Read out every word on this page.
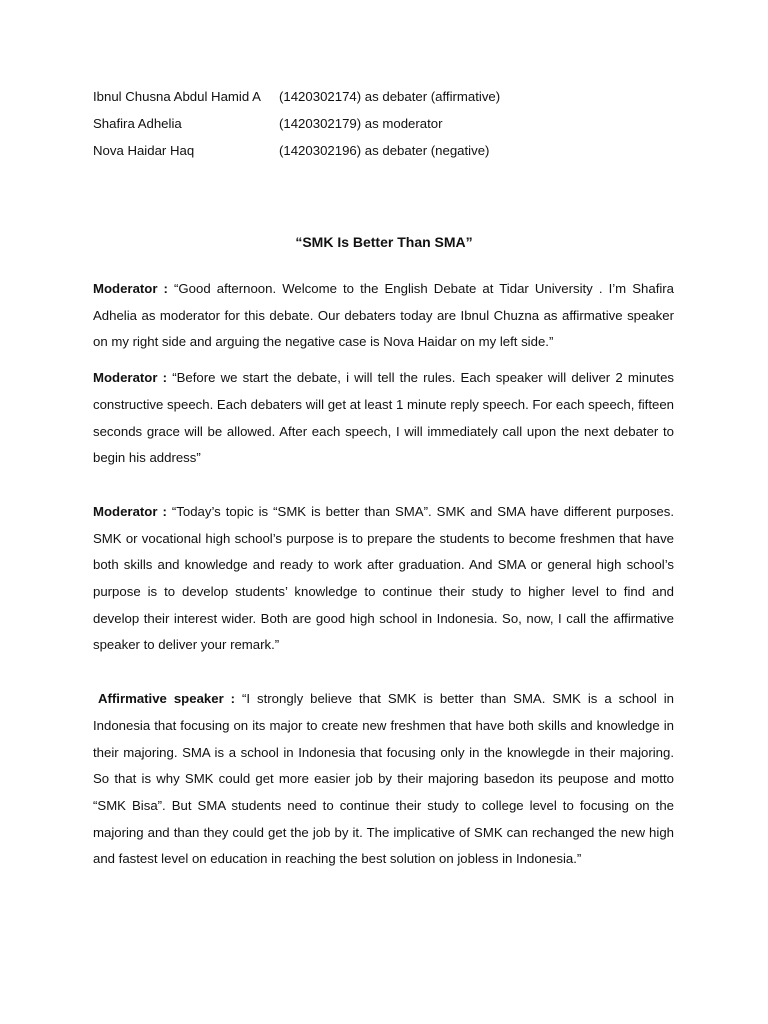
Ibnul Chusna Abdul Hamid A	(1420302174) as debater (affirmative)
Shafira Adhelia	(1420302179) as moderator
Nova Haidar Haq	(1420302196) as debater (negative)
“SMK Is Better Than SMA”

Moderator : “Good afternoon. Welcome to the English Debate at Tidar University . I’m Shafira Adhelia as moderator for this debate. Our debaters today are Ibnul Chuzna as affirmative speaker on my right side and arguing the negative case is Nova Haidar on my left side.”

Moderator : “Before we start the debate, i will tell the rules. Each speaker will deliver 2 minutes constructive speech. Each debaters will get at least 1 minute reply speech. For each speech, fifteen seconds grace will be allowed. After each speech, I will immediately call upon the next debater to begin his address”

Moderator : “Today’s topic is “SMK is better than SMA”. SMK and SMA have different purposes. SMK or vocational high school’s purpose is to prepare the students to become freshmen that have both skills and knowledge and ready to work after graduation. And SMA or general high school’s purpose is to develop students’ knowledge to continue their study to higher level to find and develop their interest wider. Both are good high school in Indonesia. So, now, I call the affirmative speaker to deliver your remark.”

Affirmative speaker : “I strongly believe that SMK is better than SMA. SMK is a school in Indonesia that focusing on its major to create new freshmen that have both skills and knowledge in their majoring. SMA is a school in Indonesia that focusing only in the knowlegde in their majoring. So that is why SMK could get more easier job by their majoring basedon its peupose and motto “SMK Bisa”. But SMA students need to continue their study to college level to focusing on the majoring and than they could get the job by it. The implicative of SMK can rechanged the new high and fastest level on education in reaching the best solution on jobless in Indonesia.”
